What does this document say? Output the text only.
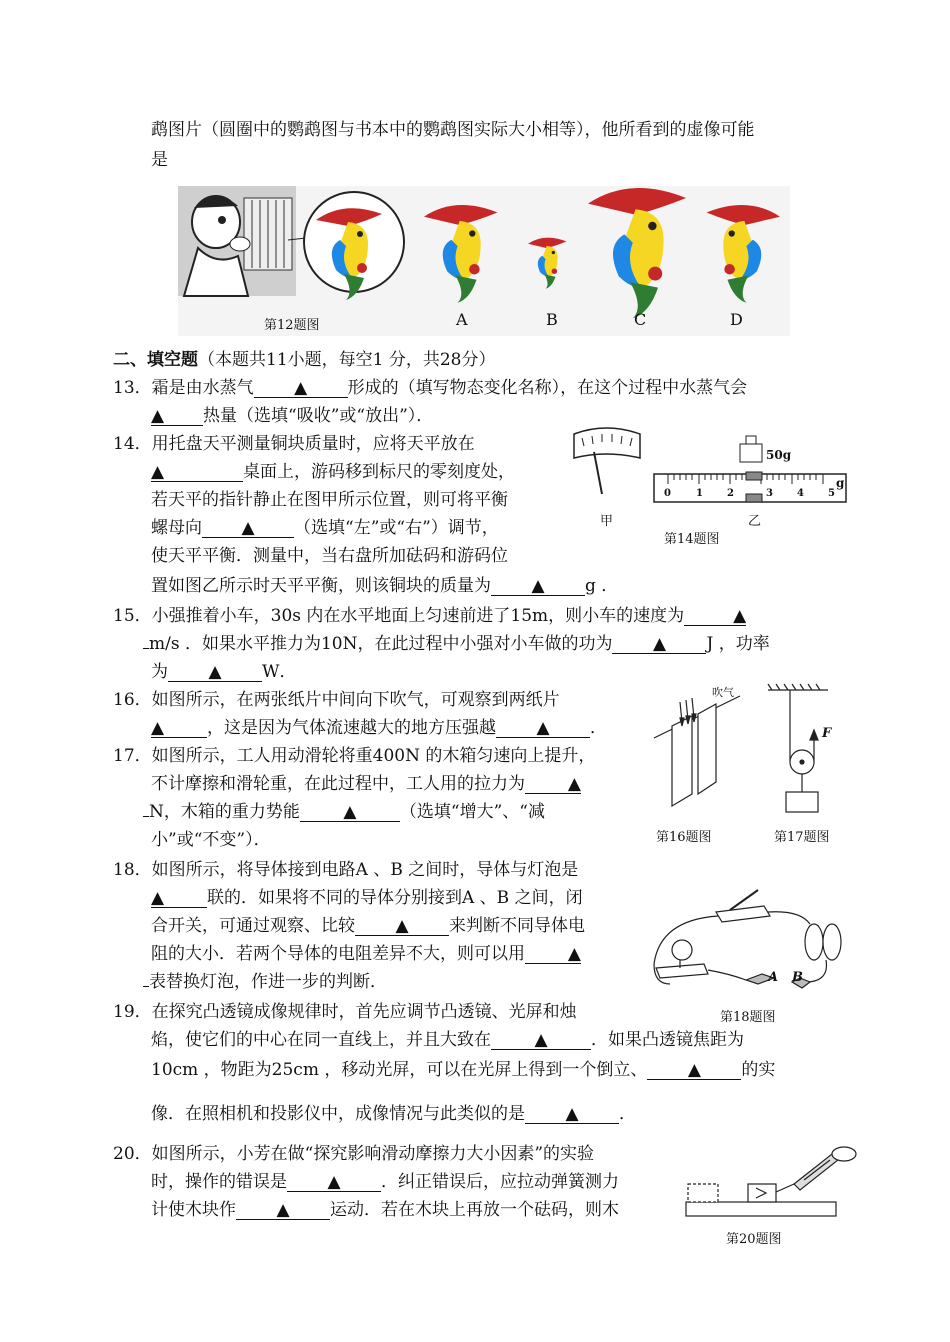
鹉图片（圆圈中的鹦鹉图与书本中的鹦鹉图实际大小相等），他所看到的虚像可能
是
第12题图	A	B	C	D
二、填空题（本题共11小题，每空1 分，共28分）
13．霜是由水蒸气 ▲ 形成的（填写物态变化名称），在这个过程中水蒸气会
▲ 热量（选填“吸收”或“放出”）．
14．用托盘天平测量铜块质量时，应将天平放在
▲	桌面上，游码移到标尺的零刻度处，
若天平的指针静止在图甲所示位置，则可将平衡
螺母向 ▲ （选填“左”或“右”）调节，
使天平平衡．测量中，当右盘所加砝码和游码位
置如图乙所示时天平平衡，则该铜块的质量为 ▲ g ．
甲
50g
0	1 2	3 4 5
g
乙
第14题图
15．小强推着小车，30s 内在水平地面上匀速前进了15m，则小车的速度为	▲
m/s ．如果水平推力为10N，在此过程中小强对小车做的功为 ▲ J ，功率
为 ▲ W．
16．如图所示，在两张纸片中间向下吹气，可观察到两纸片
▲	，这是因为气体流速越大的地方压强越 ▲ ．
吹气
F
第16题图	第17题图
17．如图所示，工人用动滑轮将重400N 的木箱匀速向上提升，
不计摩擦和滑轮重，在此过程中，工人用的拉力为	▲
N，木箱的重力势能	▲	（选填“增大”、“减
小”或“不变”）．
18．如图所示，将导体接到电路A 、B 之间时，导体与灯泡是
▲	联的．如果将不同的导体分别接到A 、B 之间，闭
合开关，可通过观察、比较 ▲ 来判断不同导体电
阻的大小．若两个导体的电阻差异不大，则可以用	▲
表替换灯泡，作进一步的判断．	A B
第18题图
19．在探究凸透镜成像规律时，首先应调节凸透镜、光屏和烛
焰，使它们的中心在同一直线上，并且大致在	▲	．如果凸透镜焦距为
10cm ，物距为25cm ，移动光屏，可以在光屏上得到一个倒立、 ▲ 的实
像．在照相机和投影仪中，成像情况与此类似的是 ▲ ．
20．如图所示，小芳在做“探究影响滑动摩擦力大小因素”的实验
时，操作的错误是 ▲ ．纠正错误后，应拉动弹簧测力
计使木块作 ▲ 运动．若在木块上再放一个砝码，则木
第20题图
